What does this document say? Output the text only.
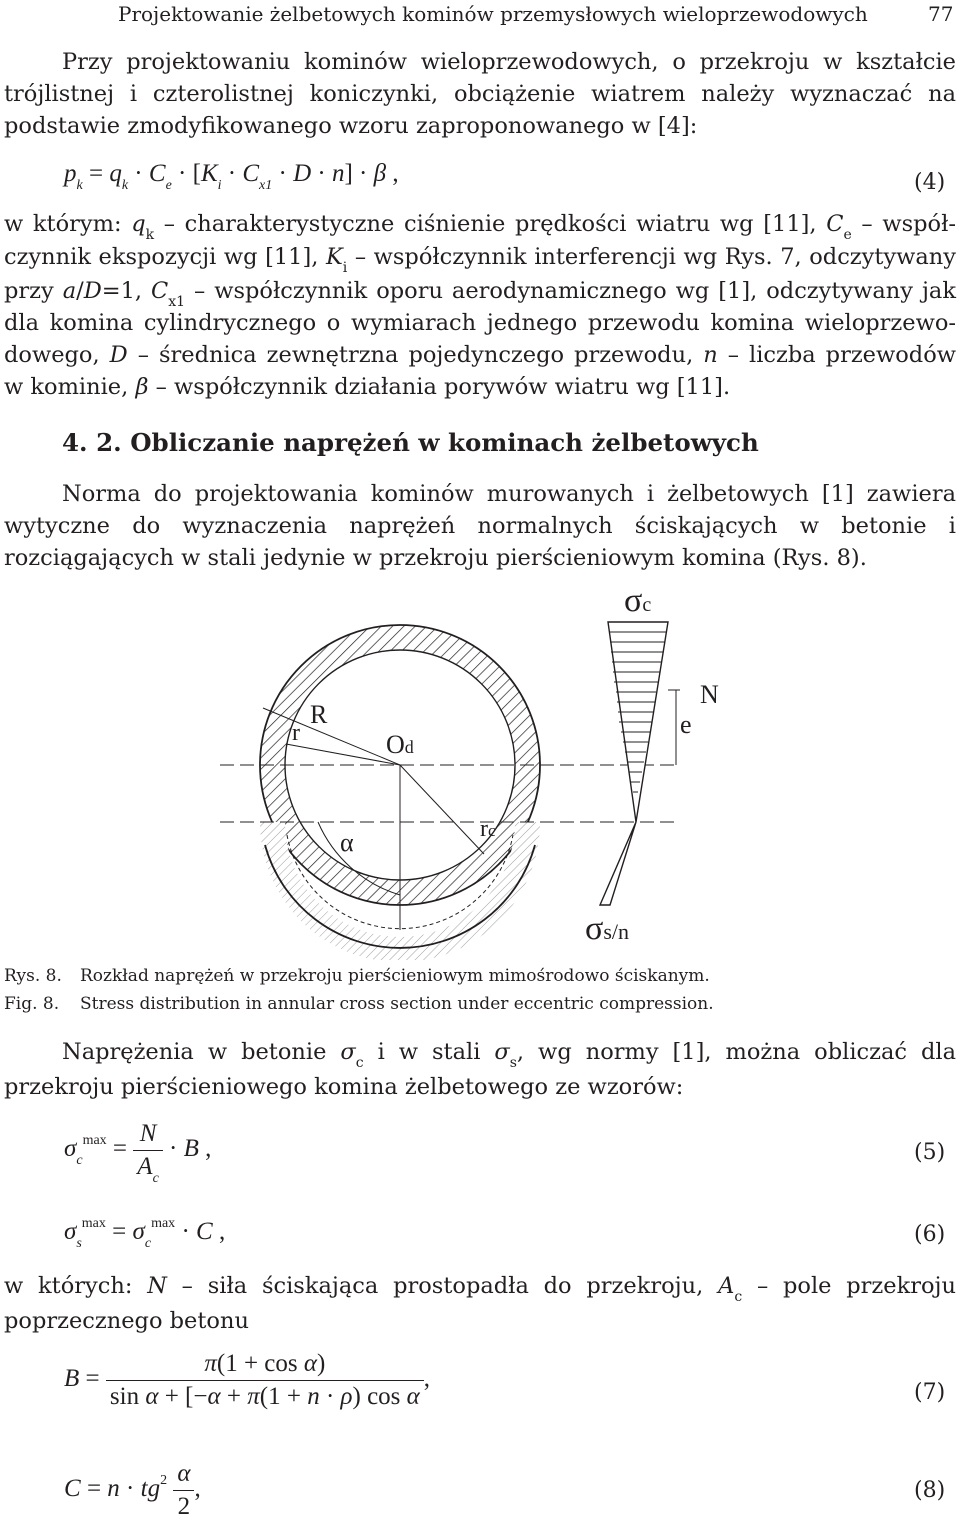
Projektowanie żelbetowych kominów przemysłowych wieloprzewodowych	77
Przy projektowaniu kominów wieloprzewodowych, o przekroju w kształcie trójlistnej i czterolistnej koniczynki, obciążenie wiatrem należy wyznaczać na podstawie zmodyfikowanego wzoru zaproponowanego w [4]:
$p_k = q_k \cdot C_e \cdot [K_i \cdot C_{x1} \cdot D \cdot n] \cdot \beta$ ,	(4)
w którym: $q_k$ – charakterystyczne ciśnienie prędkości wiatru wg [11], $C_e$ – współ-
czynnik ekspozycji wg [11], $K_i$ – współczynnik interferencji wg Rys. 7, odczytywany
przy a/D=1, $C_{x1}$ – współczynnik oporu aerodynamicznego wg [1], odczytywany jak
dla komina cylindrycznego o wymiarach jednego przewodu komina wieloprzewo-
dowego, D – średnica zewnętrzna pojedynczego przewodu, n – liczba przewodów
w kominie, β – współczynnik działania porywów wiatru wg [11].
4. 2. Obliczanie naprężeń w kominach żelbetowych
Norma do projektowania kominów murowanych i żelbetowych [1] zawiera wytyczne do wyznaczenia naprężeń normalnych ściskających w betonie i rozciągających w stali jedynie w przekroju pierścieniowym komina (Rys. 8).
σc
N
e
R
r	Od
α	rc
σs/n
Rys. 8. Rozkład naprężeń w przekroju pierścieniowym mimośrodowo ściskanym.
Fig. 8. Stress distribution in annular cross section under eccentric compression.
Naprężenia w betonie $\sigma_c$ i w stali $\sigma_s$, wg normy [1], można obliczać dla przekroju pierścieniowego komina żelbetowego ze wzorów:
$\sigma_c^{max} = \frac{N}{A_c} \cdot B$ ,	(5)
$\sigma_s^{max} = \sigma_c^{max} \cdot C$ ,	(6)
w których: N – siła ściskająca prostopadła do przekroju, $A_c$ – pole przekroju poprzecznego betonu
$B = \frac{\text{π(1 + cos α)}}{\text{sin α + [−α + π(1 + n · ρ) cos α}}$ ,
(7)
$C = n \cdot tg^2 \frac{\alpha}{2}$ ,	(8)
